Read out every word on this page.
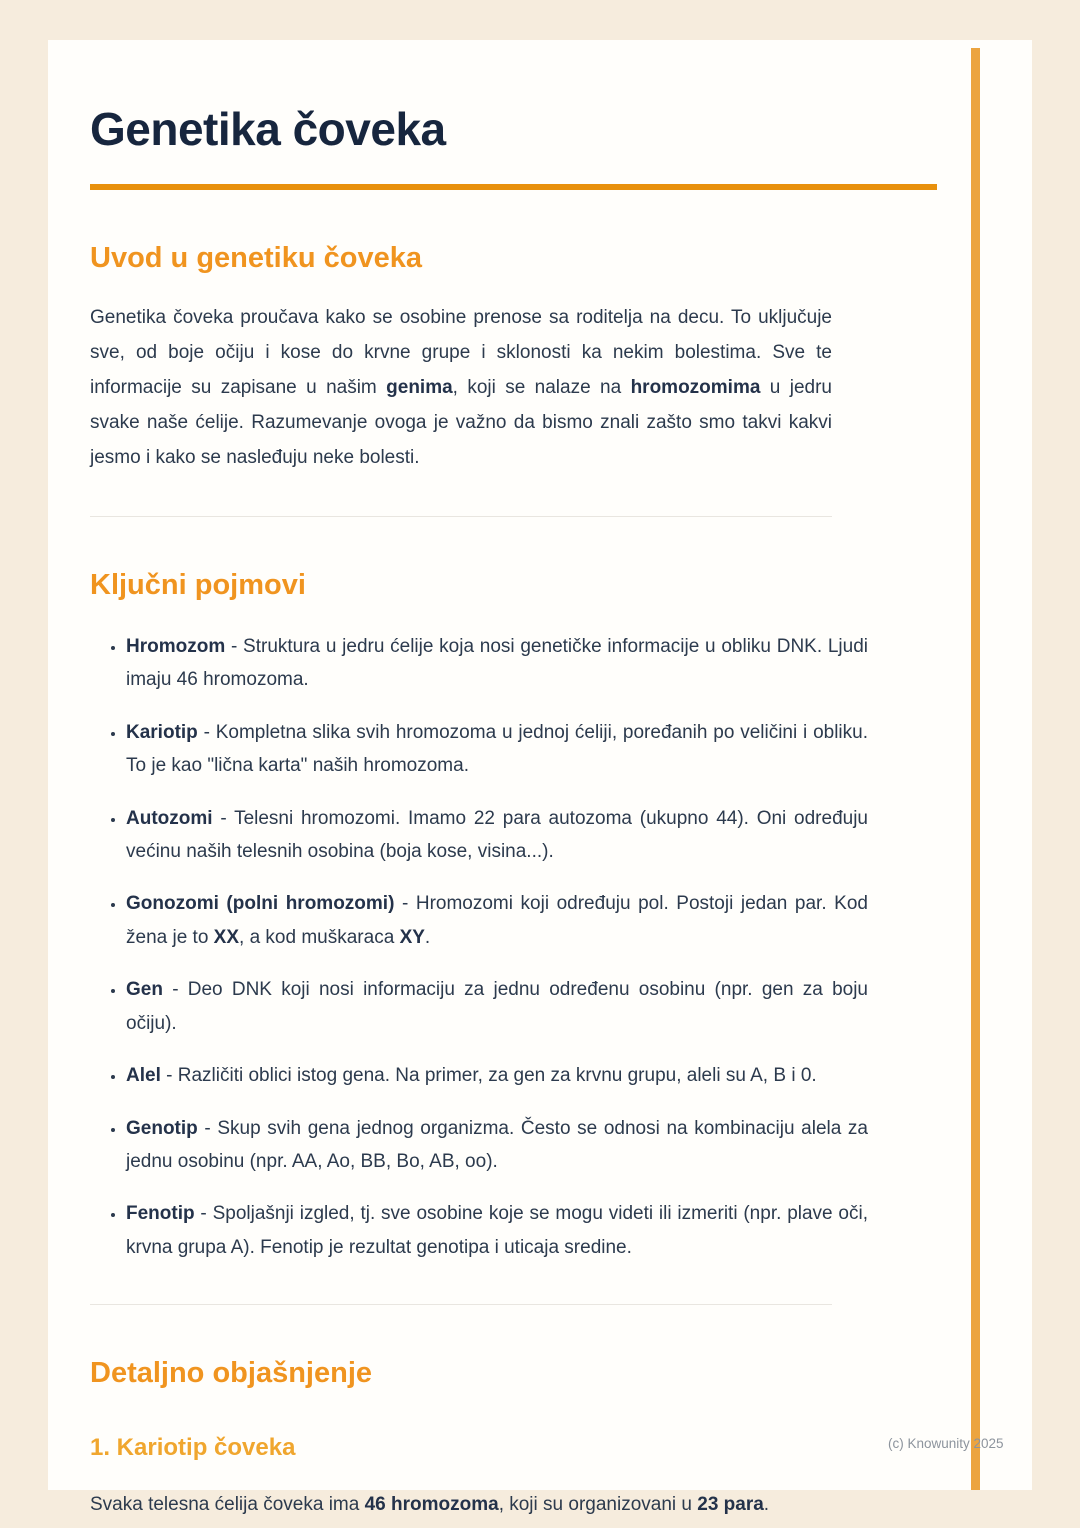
Genetika čoveka
Uvod u genetiku čoveka

Genetika čoveka proučava kako se osobine prenose sa roditelja na decu. To uključuje sve, od boje očiju i kose do krvne grupe i sklonosti ka nekim bolestima. Sve te informacije su zapisane u našim genima, koji se nalaze na hromozomima u jedru svake naše ćelije. Razumevanje ovoga je važno da bismo znali zašto smo takvi kakvi jesmo i kako se nasleđuju neke bolesti.

Ključni pojmovi
• Hromozom - Struktura u jedru ćelije koja nosi genetičke informacije u obliku DNK. Ljudi imaju 46 hromozoma.
• Kariotip - Kompletna slika svih hromozoma u jednoj ćeliji, poređanih po veličini i obliku. To je kao "lična karta" naših hromozoma.
• Autozomi - Telesni hromozomi. Imamo 22 para autozoma (ukupno 44). Oni određuju većinu naših telesnih osobina (boja kose, visina...).
• Gonozomi (polni hromozomi) - Hromozomi koji određuju pol. Postoji jedan par. Kod žena je to XX, a kod muškaraca XY.
• Gen - Deo DNK koji nosi informaciju za jednu određenu osobinu (npr. gen za boju očiju).
• Alel - Različiti oblici istog gena. Na primer, za gen za krvnu grupu, aleli su A, B i 0.
• Genotip - Skup svih gena jednog organizma. Često se odnosi na kombinaciju alela za jednu osobinu (npr. AA, Ao, BB, Bo, AB, oo).
• Fenotip - Spoljašnji izgled, tj. sve osobine koje se mogu videti ili izmeriti (npr. plave oči, krvna grupa A). Fenotip je rezultat genotipa i uticaja sredine.
Detaljno objašnjenje
1. Kariotip čoveka

Svaka telesna ćelija čoveka ima 46 hromozoma, koji su organizovani u 23 para.

(c) Knowunity 2025
